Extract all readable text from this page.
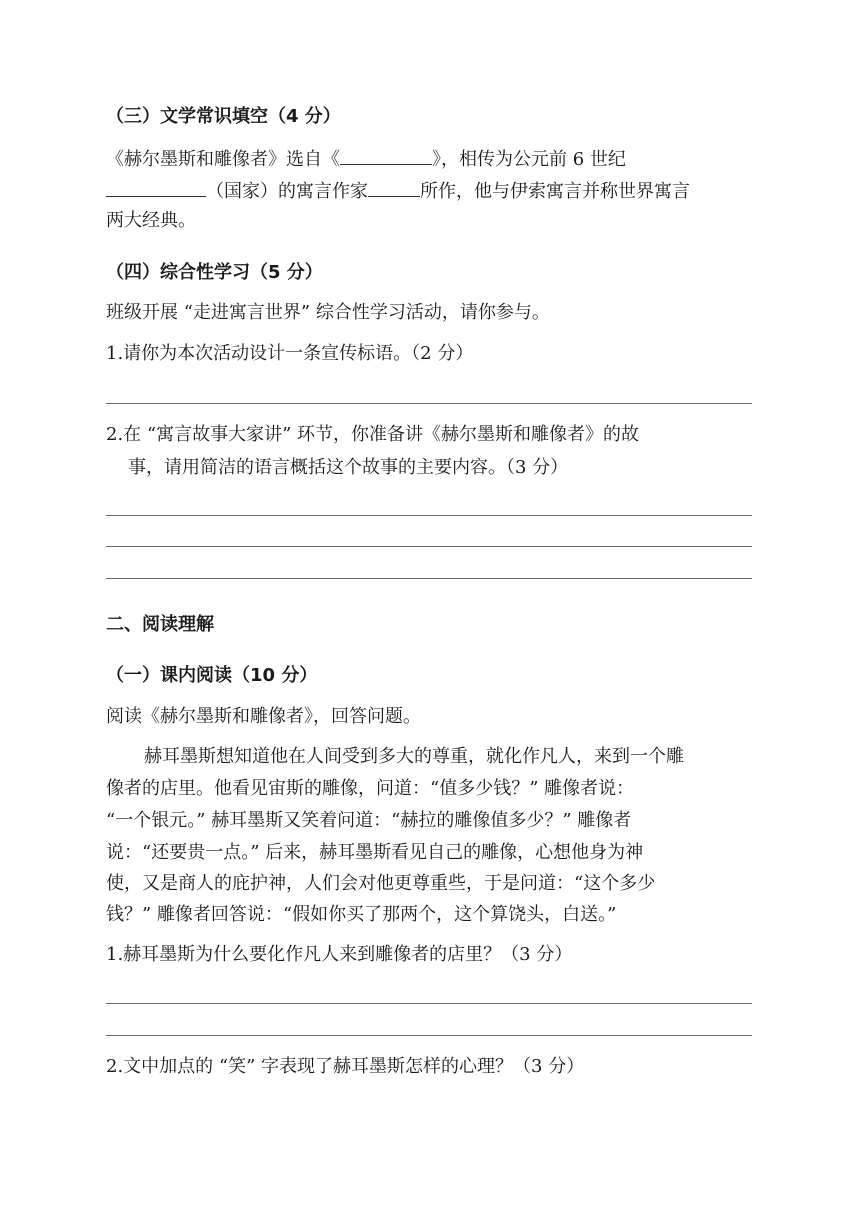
（三）文学常识填空（4 分）
《赫尔墨斯和雕像者》选自《	》，相传为公元前 6 世纪
（国家）的寓言作家	所作，他与伊索寓言并称世界寓言
两大经典。
（四）综合性学习（5 分）
班级开展 “走进寓言世界” 综合性学习活动，请你参与。
1.请你为本次活动设计一条宣传标语。（2 分）
2.在 “寓言故事大家讲” 环节，你准备讲《赫尔墨斯和雕像者》的故
事，请用简洁的语言概括这个故事的主要内容。（3 分）
二、阅读理解
（一）课内阅读（10 分）
阅读《赫尔墨斯和雕像者》，回答问题。
赫耳墨斯想知道他在人间受到多大的尊重，就化作凡人，来到一个雕
像者的店里。他看见宙斯的雕像，问道：“值多少钱？” 雕像者说：
“一个银元。” 赫耳墨斯又笑着问道：“赫拉的雕像值多少？” 雕像者
说：“还要贵一点。” 后来，赫耳墨斯看见自己的雕像，心想他身为神
使，又是商人的庇护神，人们会对他更尊重些，于是问道：“这个多少
钱？” 雕像者回答说：“假如你买了那两个，这个算饶头，白送。”
1.赫耳墨斯为什么要化作凡人来到雕像者的店里？（3 分）
2.文中加点的 “笑” 字表现了赫耳墨斯怎样的心理？（3 分）
